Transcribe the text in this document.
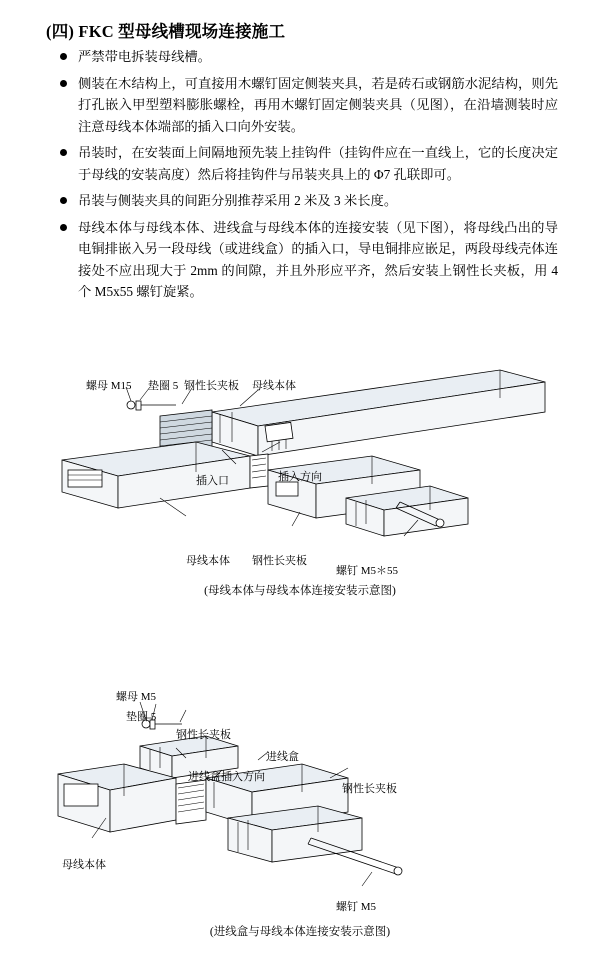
(四) FKC 型母线槽现场连接施工
严禁带电拆装母线槽。
侧装在木结构上，可直接用木螺钉固定侧装夹具，若是砖石或钢筋水泥结构，则先打孔嵌入甲型塑料膨胀螺栓，再用木螺钉固定侧装夹具（见图），在沿墙测装时应注意母线本体端部的插入口向外安装。
吊装时，在安装面上间隔地预先装上挂钩件（挂钩件应在一直线上，它的长度决定于母线的安装高度）然后将挂钩件与吊装夹具上的 Φ7 孔联即可。
吊装与侧装夹具的间距分别推荐采用 2 米及 3 米长度。
母线本体与母线本体、进线盒与母线本体的连接安装（见下图），将母线凸出的导电铜排嵌入另一段母线（或进线盒）的插入口，导电铜排应嵌足，两段母线壳体连接处不应出现大于 2mm 的间隙，并且外形应平齐，然后安装上钢性长夹板，用 4 个 M5x55 螺钉旋紧。
螺母 M15 垫圈 5 钢性长夹板 母线本体
插入口	插入方向
母线本体 钢性长夹板
螺钉 M5＊55
(母线本体与母线本体连接安装示意图)
螺母 M5
垫圈 5
钢性长夹板
进线盒插入方向
进线盒
钢性长夹板
母线本体
螺钉 M5
(进线盒与母线本体连接安装示意图)
